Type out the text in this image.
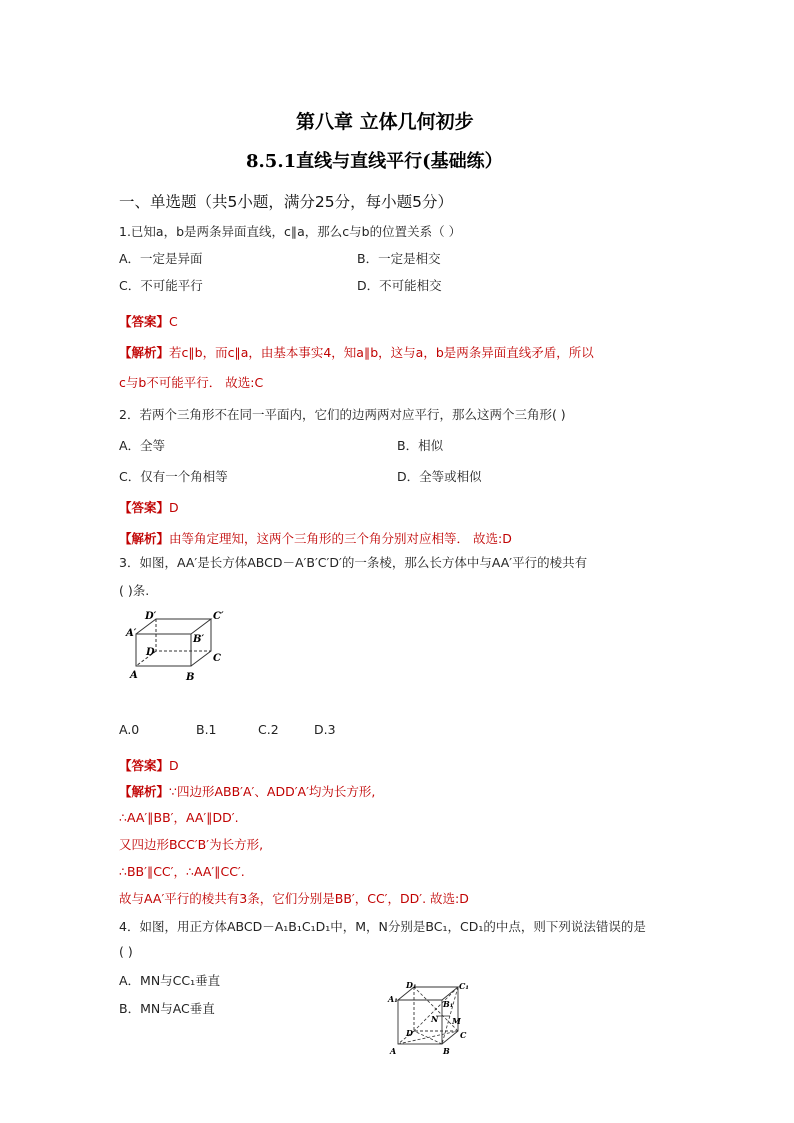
第八章 立体几何初步
8.5.1直线与直线平行(基础练）
一、单选题（共5小题，满分25分，每小题5分）
1.已知a，b是两条异面直线，c∥a，那么c与b的位置关系（ ）
A．一定是异面	B．一定是相交
C．不可能平行	D．不可能相交
【答案】C
【解析】若c∥b，而c∥a，由基本事实4，知a∥b，这与a，b是两条异面直线矛盾，所以
c与b不可能平行． 故选:C
2．若两个三角形不在同一平面内，它们的边两两对应平行，那么这两个三角形( )
A．全等	B．相似
C．仅有一个角相等	D．全等或相似
【答案】D
【解析】由等角定理知，这两个三角形的三个角分别对应相等． 故选:D
3．如图，AA′是长方体ABCD－A′B′C′D′的一条棱，那么长方体中与AA′平行的棱共有
( )条.
A′
D′	C′
B′
D
C
A	B
A.0	B.1	C.2	D.3
【答案】D
【解析】∵四边形ABB′A′、ADD′A′均为长方形,
∴AA′∥BB′，AA′∥DD′.
又四边形BCC′B′为长方形,
∴BB′∥CC′，∴AA′∥CC′.
故与AA′平行的棱共有3条，它们分别是BB′，CC′，DD′. 故选:D
4．如图，用正方体ABCD－A₁B₁C₁D₁中，M，N分别是BC₁，CD₁的中点，则下列说法错误的是
( )
A．MN与CC₁垂直
B．MN与AC垂直
D₁	C₁
A₁	B₁
N M
D	C
A	B
